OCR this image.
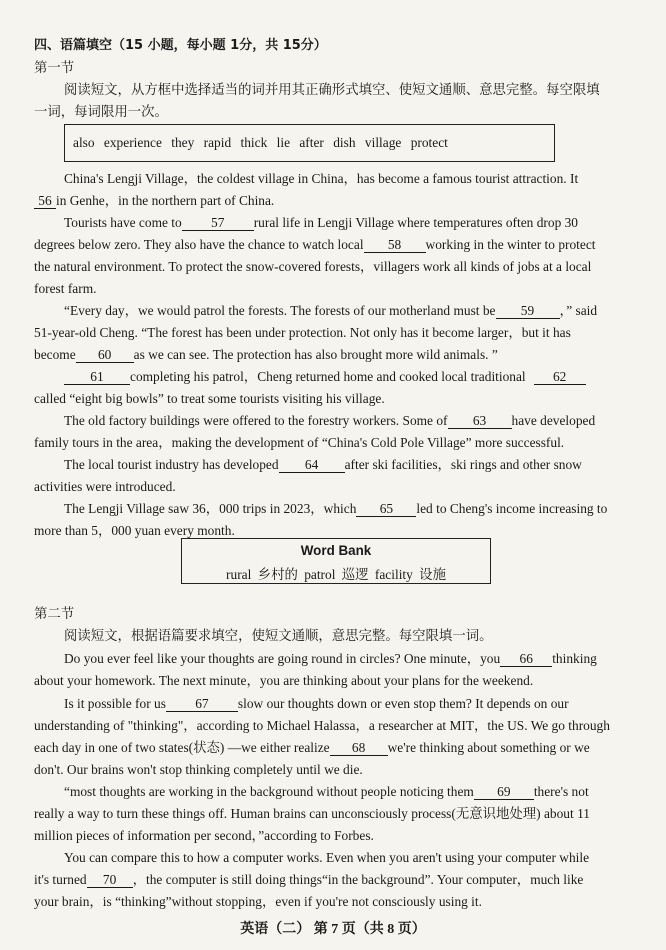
四、语篇填空（15 小题，每小题 1分，共 15分）
第一节
阅读短文，从方框中选择适当的词并用其正确形式填空、使短文通顺、意思完整。每空限填
一词，每词限用一次。
also experience they rapid thick lie after dish village protect
China's Lengji Village，the coldest village in China，has become a famous tourist attraction. It
56 in Genhe，in the northern part of China.
Tourists have come to 57 rural life in Lengji Village where temperatures often drop 30
degrees below zero. They also have the chance to watch local 58 working in the winter to protect
the natural environment. To protect the snow-covered forests，villagers work all kinds of jobs at a local
forest farm.
“Every day，we would patrol the forests. The forests of our motherland must be 59 ，” said
51-year-old Cheng. “The forest has been under protection. Not only has it become larger，but it has
become 60 as we can see. The protection has also brought more wild animals. ”
61 completing his patrol，Cheng returned home and cooked local traditional 62
called “eight big bowls” to treat some tourists visiting his village.
The old factory buildings were offered to the forestry workers. Some of 63 have developed
family tours in the area，making the development of “China's Cold Pole Village” more successful.
The local tourist industry has developed 64 after ski facilities，ski rings and other snow
activities were introduced.
The Lengji Village saw 36，000 trips in 2023，which 65 led to Cheng's income increasing to
more than 5，000 yuan every month.
Word Bank
rural 乡村的 patrol 巡逻 facility 设施
第二节
阅读短文，根据语篇要求填空，使短文通顺，意思完整。每空限填一词。
Do you ever feel like your thoughts are going round in circles? One minute，you 66 thinking
about your homework. The next minute，you are thinking about your plans for the weekend.
Is it possible for us 67 slow our thoughts down or even stop them? It depends on our
understanding of "thinking"，according to Michael Halassa，a researcher at MIT，the US. We go through
each day in one of two states(状态) —we either realize 68 we're thinking about something or we
don't. Our brains won't stop thinking completely until we die.
“most thoughts are working in the background without people noticing them 69 there's not
really a way to turn these things off. Human brains can unconsciously process(无意识地处理) about 11
million pieces of information per second，”according to Forbes.
You can compare this to how a computer works. Even when you aren't using your computer while
it's turned 70 ，the computer is still doing things“in the background”. Your computer，much like
your brain，is “thinking”without stopping，even if you're not consciously using it.
英语（二） 第 7 页（共 8 页）
